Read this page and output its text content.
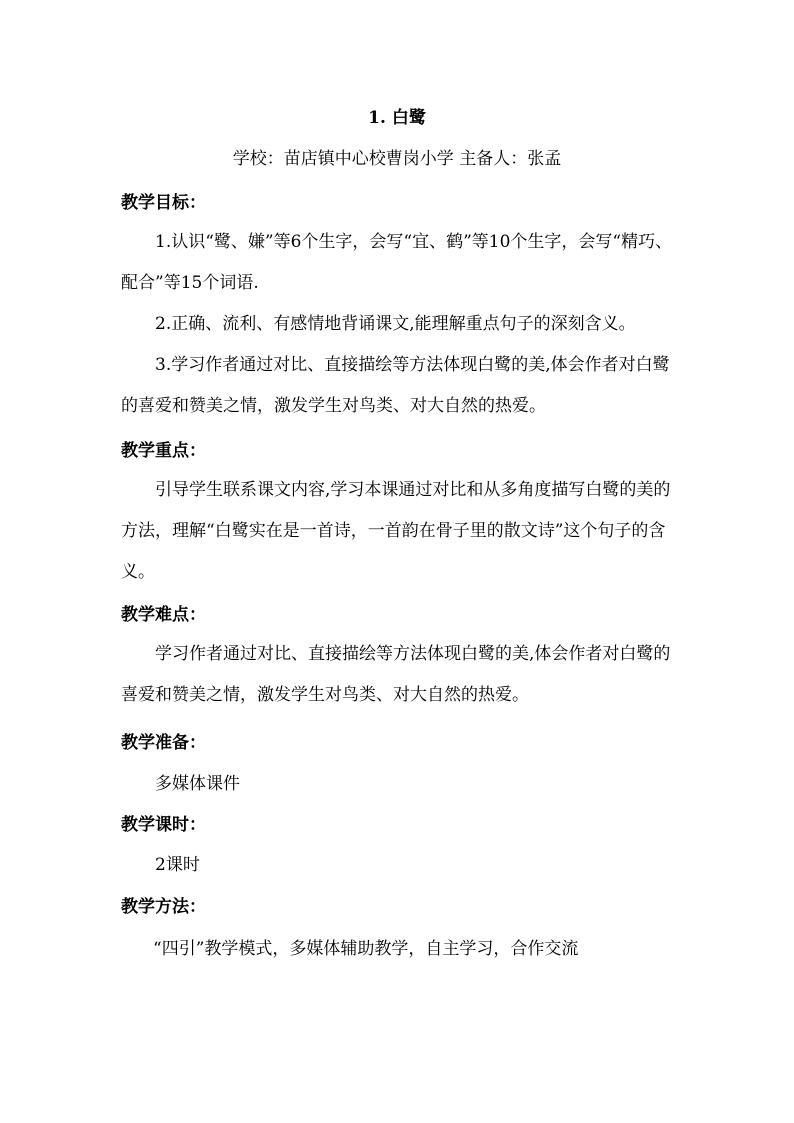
1. 白鹭
学校：苗店镇中心校曹岗小学 主备人：张孟
教学目标：

1.认识“鹭、嫌”等6个生字，会写“宜、鹤”等10个生字，会写“精巧、配合”等15个词语.

2.正确、流利、有感情地背诵课文,能理解重点句子的深刻含义。

3.学习作者通过对比、直接描绘等方法体现白鹭的美,体会作者对白鹭的喜爱和赞美之情，激发学生对鸟类、对大自然的热爱。

教学重点：

引导学生联系课文内容,学习本课通过对比和从多角度描写白鹭的美的方法，理解“白鹭实在是一首诗，一首韵在骨子里的散文诗”这个句子的含义。

教学难点：

学习作者通过对比、直接描绘等方法体现白鹭的美,体会作者对白鹭的喜爱和赞美之情，激发学生对鸟类、对大自然的热爱。

教学准备：
多媒体课件
教学课时：
2课时
教学方法：
“四引”教学模式，多媒体辅助教学，自主学习，合作交流
